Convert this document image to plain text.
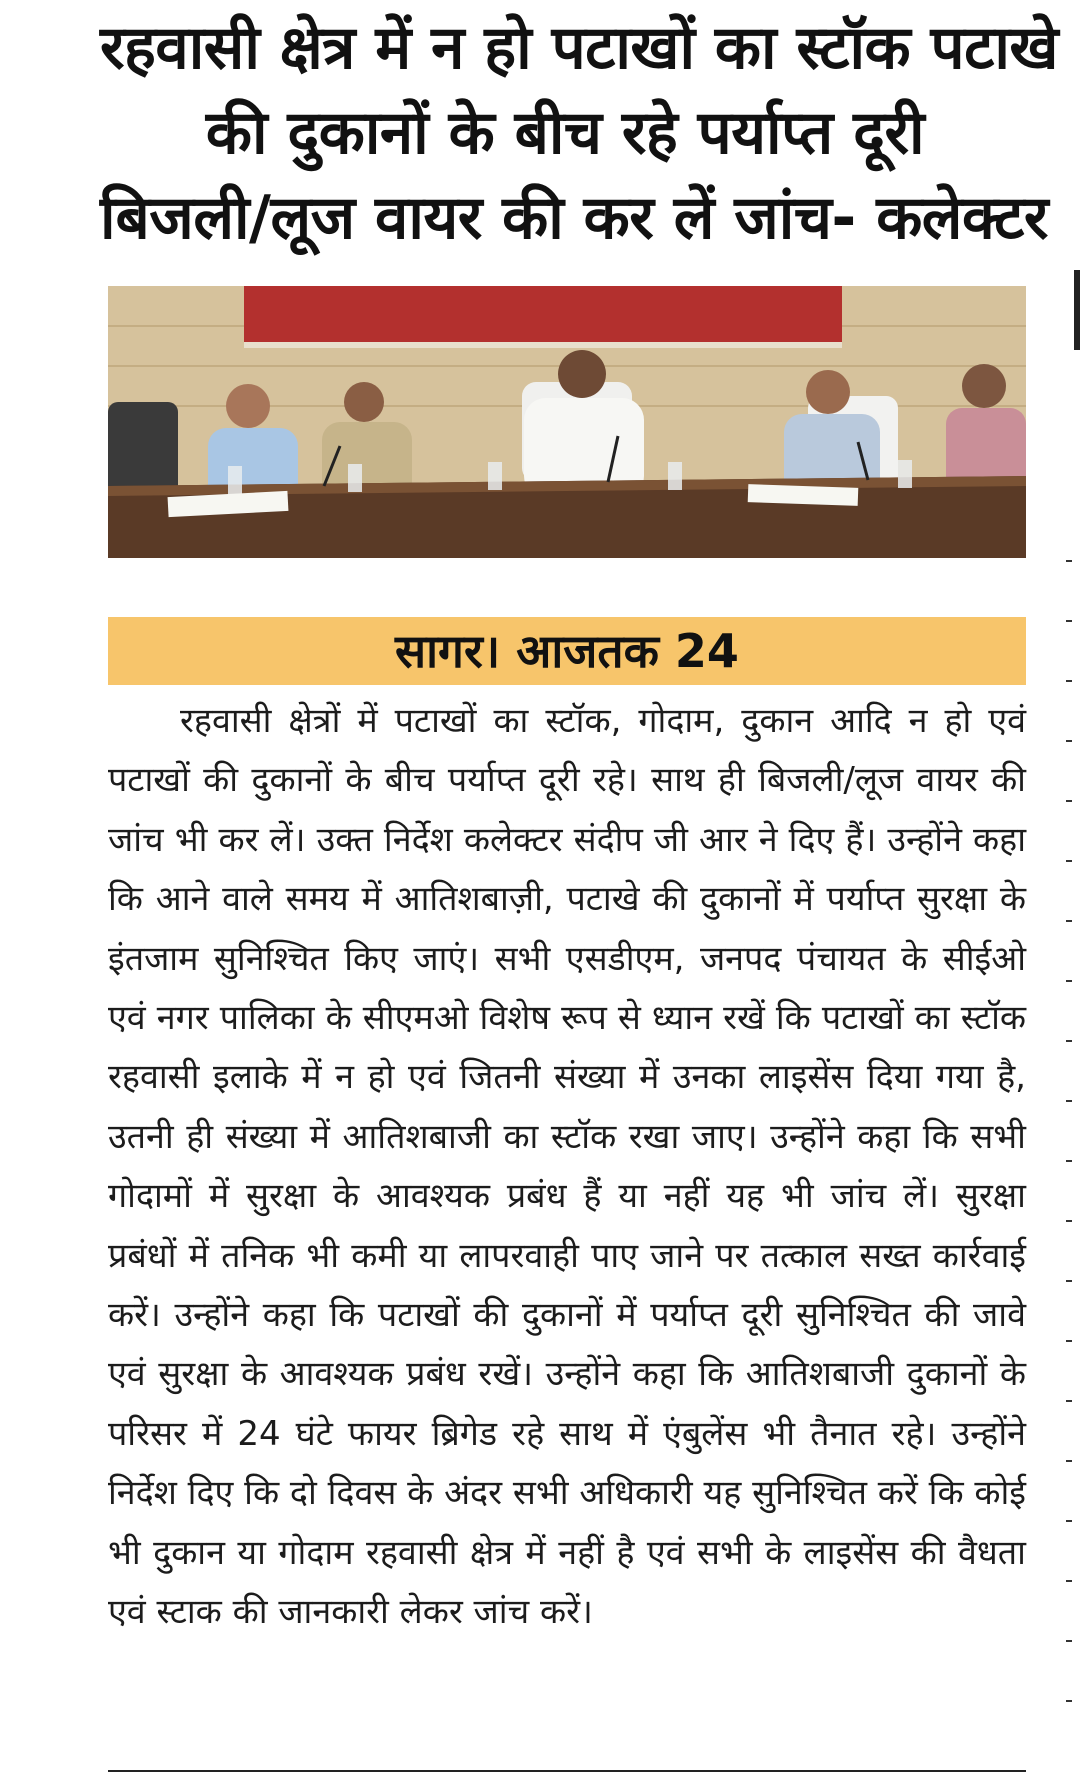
रहवासी क्षेत्र में न हो पटाखों का स्टॉक पटाखे
की दुकानों के बीच रहे पर्याप्त दूरी
बिजली/लूज वायर की कर लें जांच- कलेक्टर
सागर। आजतक 24

रहवासी क्षेत्रों में पटाखों का स्टॉक, गोदाम, दुकान आदि न हो एवं पटाखों की दुकानों के बीच पर्याप्त दूरी रहे। साथ ही बिजली/लूज वायर की जांच भी कर लें। उक्त निर्देश कलेक्टर संदीप जी आर ने दिए हैं। उन्होंने कहा कि आने वाले समय में आतिशबाज़ी, पटाखे की दुकानों में पर्याप्त सुरक्षा के इंतजाम सुनिश्चित किए जाएं। सभी एसडीएम, जनपद पंचायत के सीईओ एवं नगर पालिका के सीएमओ विशेष रूप से ध्यान रखें कि पटाखों का स्टॉक रहवासी इलाके में न हो एवं जितनी संख्या में उनका लाइसेंस दिया गया है, उतनी ही संख्या में आतिशबाजी का स्टॉक रखा जाए। उन्होंने कहा कि सभी गोदामों में सुरक्षा के आवश्यक प्रबंध हैं या नहीं यह भी जांच लें। सुरक्षा प्रबंधों में तनिक भी कमी या लापरवाही पाए जाने पर तत्काल सख्त कार्रवाई करें। उन्होंने कहा कि पटाखों की दुकानों में पर्याप्त दूरी सुनिश्चित की जावे एवं सुरक्षा के आवश्यक प्रबंध रखें। उन्होंने कहा कि आतिशबाजी दुकानों के परिसर में 24 घंटे फायर ब्रिगेड रहे साथ में एंबुलेंस भी तैनात रहे। उन्होंने निर्देश दिए कि दो दिवस के अंदर सभी अधिकारी यह सुनिश्चित करें कि कोई भी दुकान या गोदाम रहवासी क्षेत्र में नहीं है एवं सभी के लाइसेंस की वैधता एवं स्टाक की जानकारी लेकर जांच करें।
